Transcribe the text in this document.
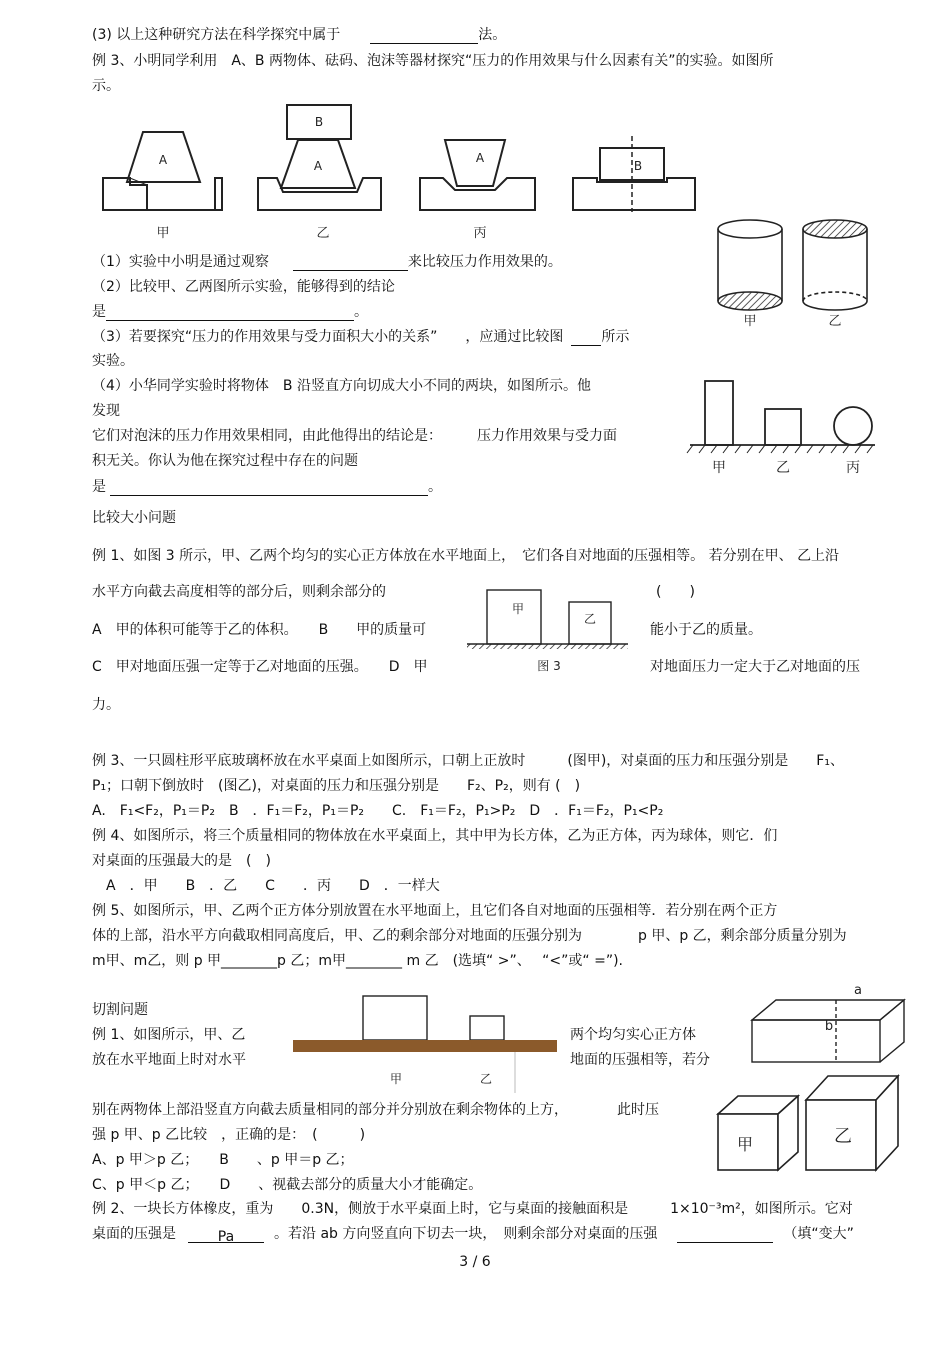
(3) 以上这种研究方法在科学探究中属于	法。
例 3、小明同学利用　A、B 两物体、砝码、泡沫等器材探究“压力的作用效果与什么因素有关”的实验。如图所
示。
A
B
A
A
B
甲	乙	丙
甲	乙
（1）实验中小明是通过观察	来比较压力作用效果的。
（2）比较甲、乙两图所示实验，能够得到的结论
是	。
（3）若要探究“压力的作用效果与受力面积大小的关系”　　，应通过比较图	所示
实验。
（4）小华同学实验时将物体　B 沿竖直方向切成大小不同的两块，如图所示。他
发现
它们对泡沫的压力作用效果相同，由此他得出的结论是：　　　压力作用效果与受力面
积无关。你认为他在探究过程中存在的问题
是	。
甲	乙	丙
比较大小问题
例 1、如图 3 所示，甲、乙两个均匀的实心正方体放在水平地面上，　它们各自对地面的压强相等。 若分别在甲、 乙上沿
水平方向截去高度相等的部分后，则剩余部分的	(　　)
A　甲的体积可能等于乙的体积。　　B　　甲的质量可	能小于乙的质量。
C　甲对地面压强一定等于乙对地面的压强。　　D　甲	对地面压力一定大于乙对地面的压
力。
甲
乙
图 3
例 3、一只圆柱形平底玻璃杯放在水平桌面上如图所示，口朝上正放时　　　(图甲)，对桌面的压力和压强分别是　　F₁、
P₁；口朝下倒放时　(图乙)，对桌面的压力和压强分别是　　F₂、P₂，则有 (　)
A.　F₁<F₂，P₁＝P₂　B　．F₁＝F₂，P₁＝P₂　　C.　F₁＝F₂，P₁>P₂　D　．F₁＝F₂，P₁<P₂
例 4、如图所示，将三个质量相同的物体放在水平桌面上，其中甲为长方体，乙为正方体，丙为球体，则它．们
对桌面的压强最大的是　(　)
A　．甲　　B　．乙　　C　　．丙　　D　．一样大
例 5、如图所示，甲、乙两个正方体分别放置在水平地面上，且它们各自对地面的压强相等．若分别在两个正方
体的上部，沿水平方向截取相同高度后，甲、乙的剩余部分对地面的压强分别为　　　　p 甲、p 乙，剩余部分质量分别为
m甲、m乙，则 p 甲________p 乙；m甲________ m 乙　(选填“ >”、　 “<”或“ =”).
切割问题
例 1、如图所示，甲、乙	两个均匀实心正方体
放在水平地面上时对水平	地面的压强相等，若分
甲	乙
a
b
甲	乙
别在两物体上部沿竖直方向截去质量相同的部分并分别放在剩余物体的上方，　　　　此时压
强 p 甲、p 乙比较　，正确的是：　(　　　)
A、p 甲＞p 乙；　　B　　、p 甲＝p 乙；
C、p 甲＜p 乙；　　D　　、视截去部分的质量大小才能确定。
例 2、一块长方体橡皮，重为　　0.3N，侧放于水平桌面上时，它与桌面的接触面积是　　　1×10⁻³m²，如图所示。它对
桌面的压强是	Pa	。若沿 ab 方向竖直向下切去一块，　则剩余部分对桌面的压强	（填“变大”
3 / 6
